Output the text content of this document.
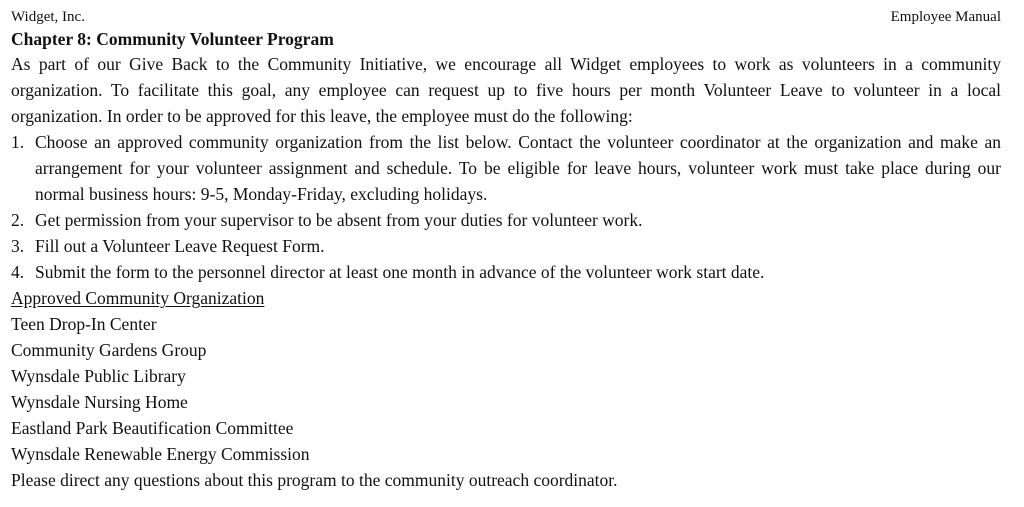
Widget, Inc.	Employee Manual
Chapter 8: Community Volunteer Program
As part of our Give Back to the Community Initiative, we encourage all Widget employees to work as volunteers in a community organization. To facilitate this goal, any employee can request up to five hours per month Volunteer Leave to volunteer in a local organization. In order to be approved for this leave, the employee must do the following:
1. Choose an approved community organization from the list below. Contact the volunteer coordinator at the organization and make an arrangement for your volunteer assignment and schedule. To be eligible for leave hours, volunteer work must take place during our normal business hours: 9-5, Monday-Friday, excluding holidays.
2. Get permission from your supervisor to be absent from your duties for volunteer work.
3. Fill out a Volunteer Leave Request Form.
4. Submit the form to the personnel director at least one month in advance of the volunteer work start date.
Approved Community Organization
Teen Drop-In Center
Community Gardens Group
Wynsdale Public Library
Wynsdale Nursing Home
Eastland Park Beautification Committee
Wynsdale Renewable Energy Commission
Please direct any questions about this program to the community outreach coordinator.
